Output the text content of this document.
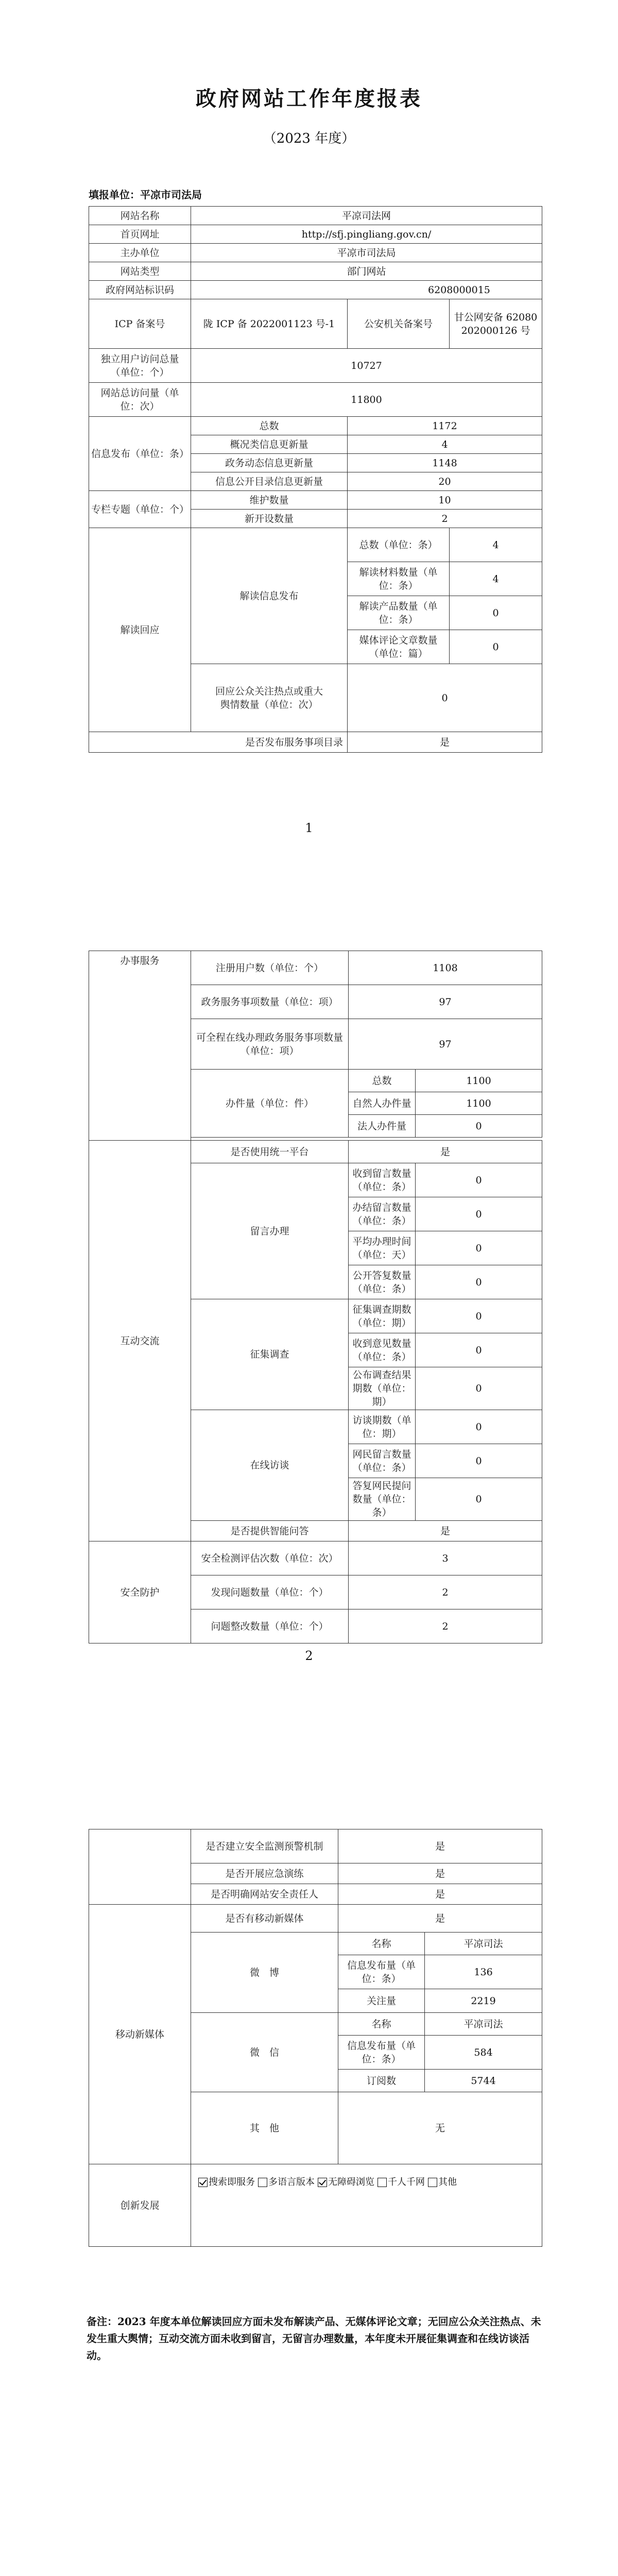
政府网站工作年度报表
（2023 年度）
填报单位：平凉市司法局
网站名称	平凉司法网		
首页网址	http://sfj.pingliang.gov.cn/		
主办单位	平凉市司法局		
网站类型	部门网站		
政府网站标识码	6208000015		
ICP 备案号	陇 ICP 备 2022001123 号-1	公安机关备案号	甘公网安备 62080202000126 号
独立用户访问总量（单位：个）	10727		
网站总访问量（单位：次）	11800		
信息发布（单位：条）	总数	1172	
	概况类信息更新量	4	
	政务动态信息更新量	1148	
	信息公开目录信息更新量	20	
专栏专题（单位：个）	维护数量	10	
	新开设数量	2	
解读回应	解读信息发布	总数（单位：条）	4
		解读材料数量（单位：条）	4
		解读产品数量（单位：条）	0
		媒体评论文章数量（单位：篇）	0
	回应公众关注热点或重大舆情数量（单位：次）	0	
是否发布服务事项目录		是	
1
办事服务	注册用户数（单位：个）	1108	
	政务服务事项数量（单位：项）	97	
	可全程在线办理政务服务事项数量（单位：项）	97	
	办件量（单位：件）	总数	1100
		自然人办件量	1100
		法人办件量	0

互动交流	是否使用统一平台	是	
	留言办理	收到留言数量（单位：条）	0
		办结留言数量（单位：条）	0
		平均办理时间（单位：天）	0
		公开答复数量（单位：条）	0
	征集调查	征集调查期数（单位：期）	0
		收到意见数量（单位：条）	0
		公布调查结果期数（单位：期）	0
	在线访谈	访谈期数（单位：期）	0
		网民留言数量（单位：条）	0
		答复网民提问数量（单位：条）	0
	是否提供智能问答	是	
安全防护	安全检测评估次数（单位：次）	3	
	发现问题数量（单位：个）	2	
	问题整改数量（单位：个）	2	
2
	是否建立安全监测预警机制	是	
	是否开展应急演练	是	
	是否明确网站安全责任人	是	
移动新媒体	是否有移动新媒体	是	
	微　博	名称	平凉司法
		信息发布量（单位：条）	136
		关注量	2219
	微　信	名称	平凉司法
		信息发布量（单位：条）	584
		订阅数	5744
	其　他	无	
创新发展	搜索即服务 多语言版本 无障碍浏览 千人千网 其他		
备注：2023 年度本单位解读回应方面未发布解读产品、无媒体评论文章；无回应公众关注热点、未发生重大舆情；互动交流方面未收到留言，无留言办理数量，本年度未开展征集调查和在线访谈活动。
